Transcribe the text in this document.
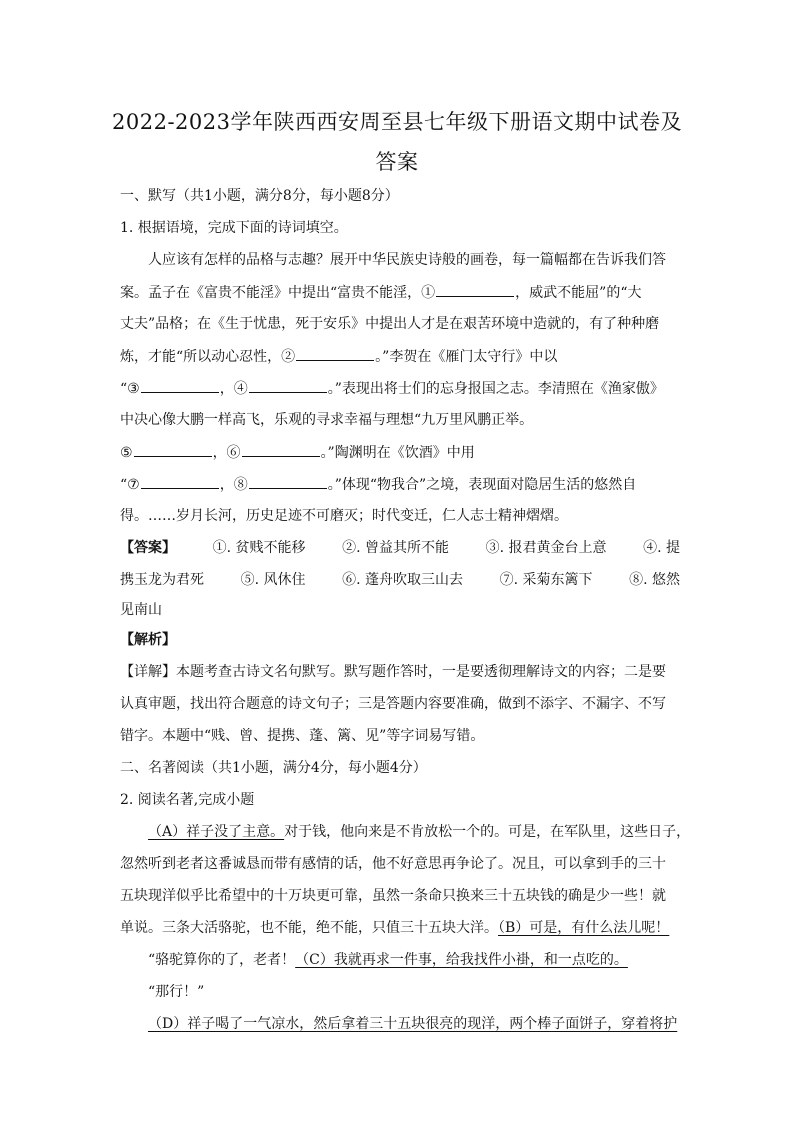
2022-2023学年陕西西安周至县七年级下册语文期中试卷及
答案
一、默写（共1小题，满分8分，每小题8分）
1. 根据语境，完成下面的诗词填空。
人应该有怎样的品格与志趣？展开中华民族史诗般的画卷，每一篇幅都在告诉我们答
案。孟子在《富贵不能淫》中提出“富贵不能淫，①	，威武不能屈”的“大
丈夫”品格；在《生于忧患，死于安乐》中提出人才是在艰苦环境中造就的，有了种种磨
炼，才能“所以动心忍性，②	。”李贺在《雁门太守行》中以
“③	，④	。”表现出将士们的忘身报国之志。李清照在《渔家傲》
中决心像大鹏一样高飞，乐观的寻求幸福与理想“九万里风鹏正举。
⑤	，⑥	。”陶渊明在《饮酒》中用
“⑦	，⑧	。”体现“物我合”之境，表现面对隐居生活的悠然自
得。……岁月长河，历史足迹不可磨灭；时代变迁，仁人志士精神熠熠。
【答案】	①. 贫贱不能移	②. 曾益其所不能	③. 报君黄金台上意	④. 提
携玉龙为君死	⑤. 风休住	⑥. 蓬舟吹取三山去	⑦. 采菊东篱下	⑧. 悠然
见南山
【解析】
【详解】本题考查古诗文名句默写。默写题作答时，一是要透彻理解诗文的内容；二是要
认真审题，找出符合题意的诗文句子；三是答题内容要准确，做到不添字、不漏字、不写
错字。本题中“贱、曾、提携、蓬、篱、见”等字词易写错。
二、名著阅读（共1小题，满分4分，每小题4分）
2. 阅读名著,完成小题
（A）祥子没了主意。对于钱，他向来是不肯放松一个的。可是，在军队里，这些日子，
忽然听到老者这番诚恳而带有感情的话，他不好意思再争论了。况且，可以拿到手的三十
五块现洋似乎比希望中的十万块更可靠，虽然一条命只换来三十五块钱的确是少一些！就
单说。三条大活骆驼，也不能，绝不能，只值三十五块大洋。（B）可是，有什么法儿呢！
“骆驼算你的了，老者！（C）我就再求一件事，给我找件小褂，和一点吃的。
“那行！”
（D）祥子喝了一气凉水，然后拿着三十五块很亮的现洋，两个棒子面饼子，穿着将护
